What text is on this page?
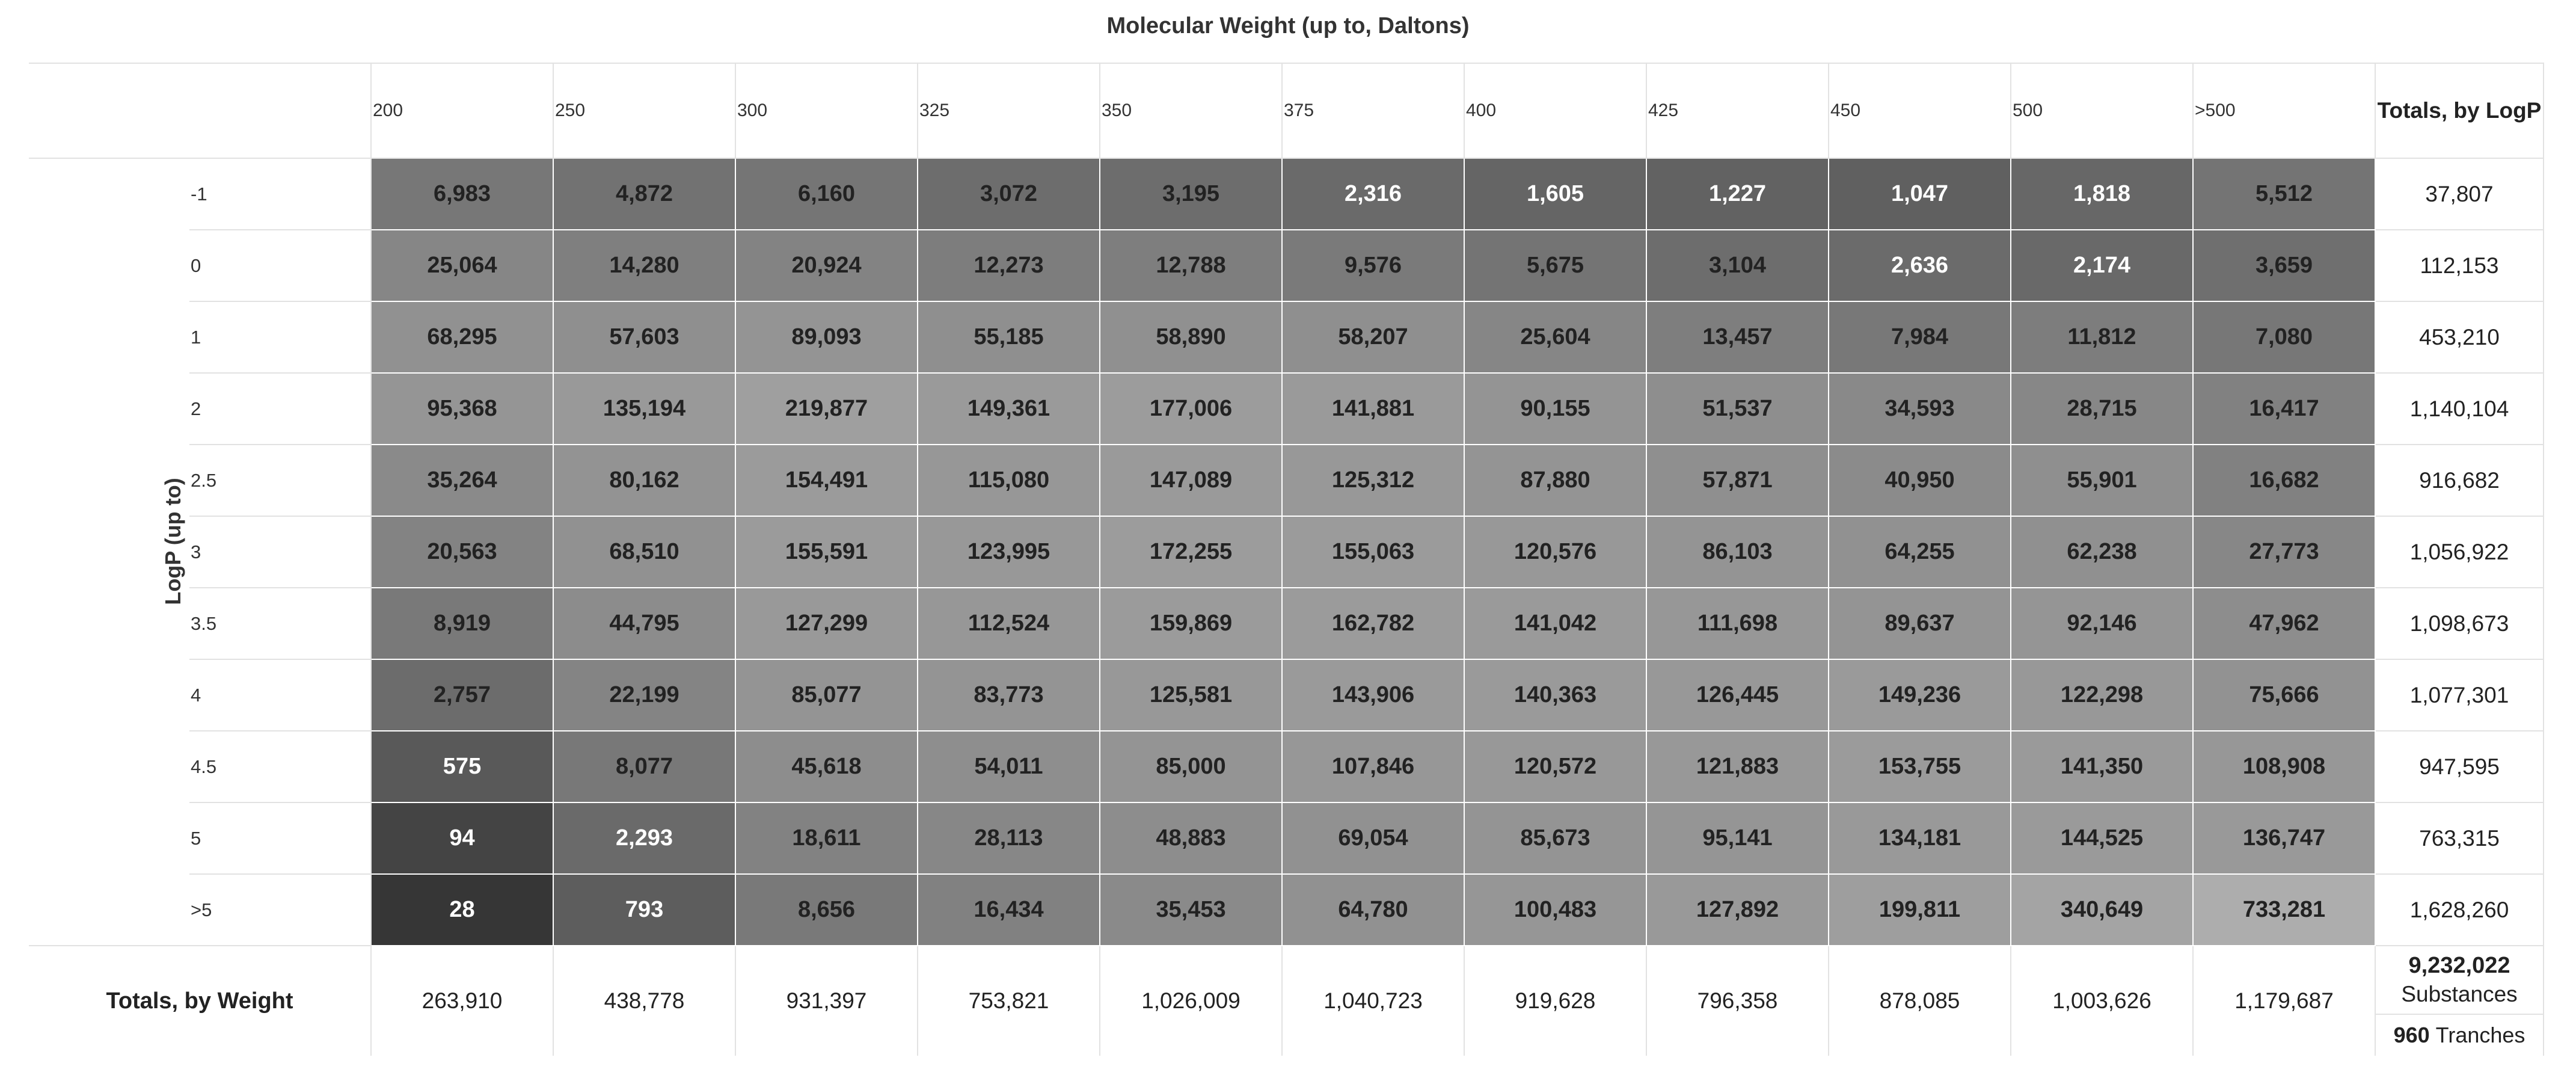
Molecular Weight (up to, Daltons)
LogP (up to)
200	250	300	325	350	375	400	425	450	500	>500	Totals, by LogP
-1	6,983	4,872	6,160	3,072	3,195	2,316	1,605	1,227	1,047	1,818	5,512	37,807
0	25,064	14,280	20,924	12,273	12,788	9,576	5,675	3,104	2,636	2,174	3,659	112,153
1	68,295	57,603	89,093	55,185	58,890	58,207	25,604	13,457	7,984	11,812	7,080	453,210
2	95,368	135,194	219,877	149,361	177,006	141,881	90,155	51,537	34,593	28,715	16,417	1,140,104
2.5	35,264	80,162	154,491	115,080	147,089	125,312	87,880	57,871	40,950	55,901	16,682	916,682
3	20,563	68,510	155,591	123,995	172,255	155,063	120,576	86,103	64,255	62,238	27,773	1,056,922
3.5	8,919	44,795	127,299	112,524	159,869	162,782	141,042	111,698	89,637	92,146	47,962	1,098,673
4	2,757	22,199	85,077	83,773	125,581	143,906	140,363	126,445	149,236	122,298	75,666	1,077,301
4.5	575	8,077	45,618	54,011	85,000	107,846	120,572	121,883	153,755	141,350	108,908	947,595
5	94	2,293	18,611	28,113	48,883	69,054	85,673	95,141	134,181	144,525	136,747	763,315
>5	28	793	8,656	16,434	35,453	64,780	100,483	127,892	199,811	340,649	733,281	1,628,260
Totals, by Weight	263,910	438,778	931,397	753,821	1,026,009	1,040,723	919,628	796,358	878,085	1,003,626	1,179,687
9,232,022
Substances
960 Tranches
